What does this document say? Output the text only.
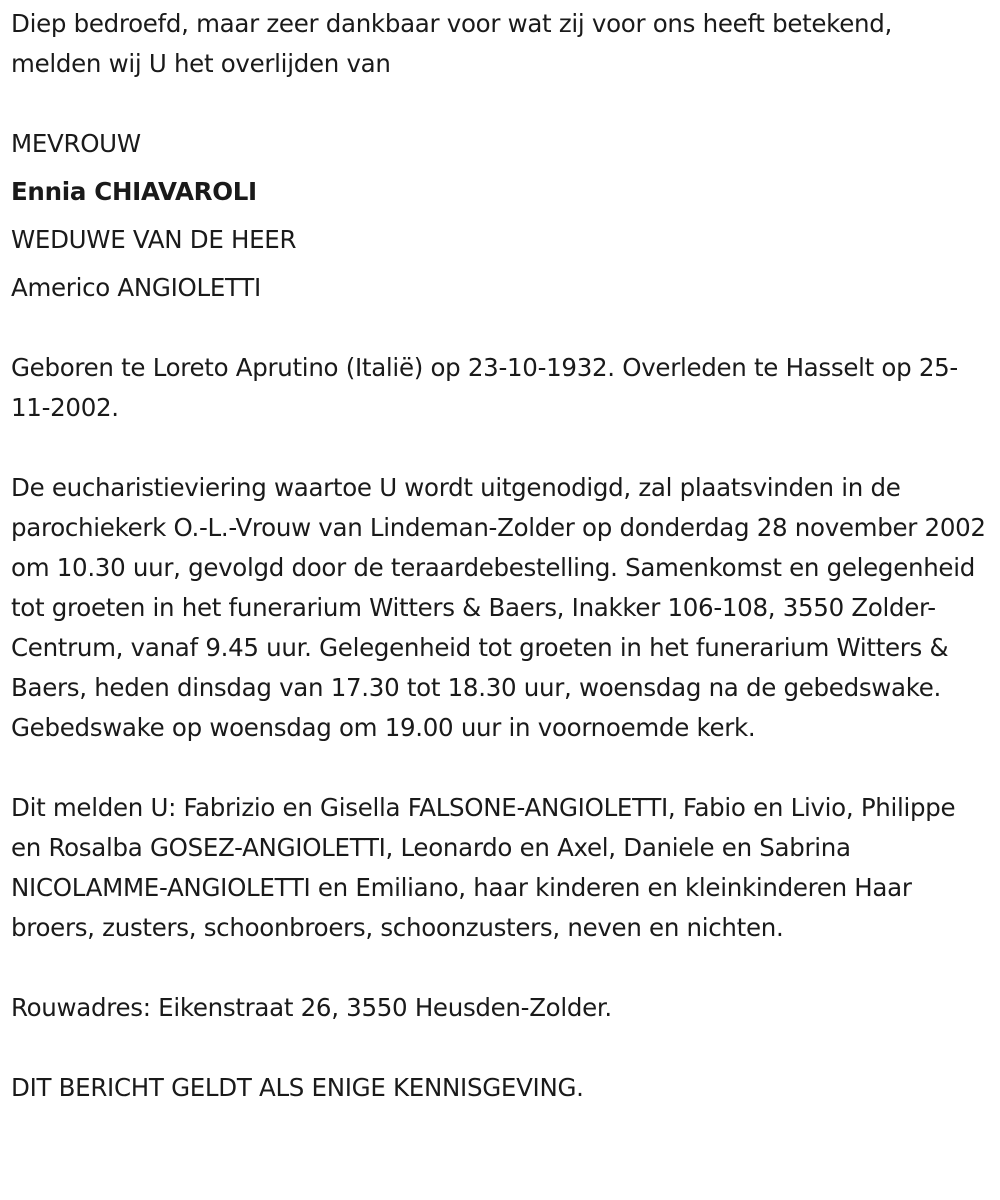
Diep bedroefd, maar zeer dankbaar voor wat zij voor ons heeft betekend, melden wij U het overlijden van

MEVROUW

Ennia CHIAVAROLI

WEDUWE VAN DE HEER

Americo ANGIOLETTI

Geboren te Loreto Aprutino (Italië) op 23-10-1932. Overleden te Hasselt op 25-11-2002.

De eucharistieviering waartoe U wordt uitgenodigd, zal plaatsvinden in de parochiekerk O.-L.-Vrouw van Lindeman-Zolder op donderdag 28 november 2002 om 10.30 uur, gevolgd door de teraardebestelling. Samenkomst en gelegenheid tot groeten in het funerarium Witters & Baers, Inakker 106-108, 3550 Zolder-Centrum, vanaf 9.45 uur. Gelegenheid tot groeten in het funerarium Witters & Baers, heden dinsdag van 17.30 tot 18.30 uur, woensdag na de gebedswake. Gebedswake op woensdag om 19.00 uur in voornoemde kerk.

Dit melden U: Fabrizio en Gisella FALSONE-ANGIOLETTI, Fabio en Livio, Philippe en Rosalba GOSEZ-ANGIOLETTI, Leonardo en Axel, Daniele en Sabrina NICOLAMME-ANGIOLETTI en Emiliano, haar kinderen en kleinkinderen Haar broers, zusters, schoonbroers, schoonzusters, neven en nichten.

Rouwadres: Eikenstraat 26, 3550 Heusden-Zolder.

DIT BERICHT GELDT ALS ENIGE KENNISGEVING.
